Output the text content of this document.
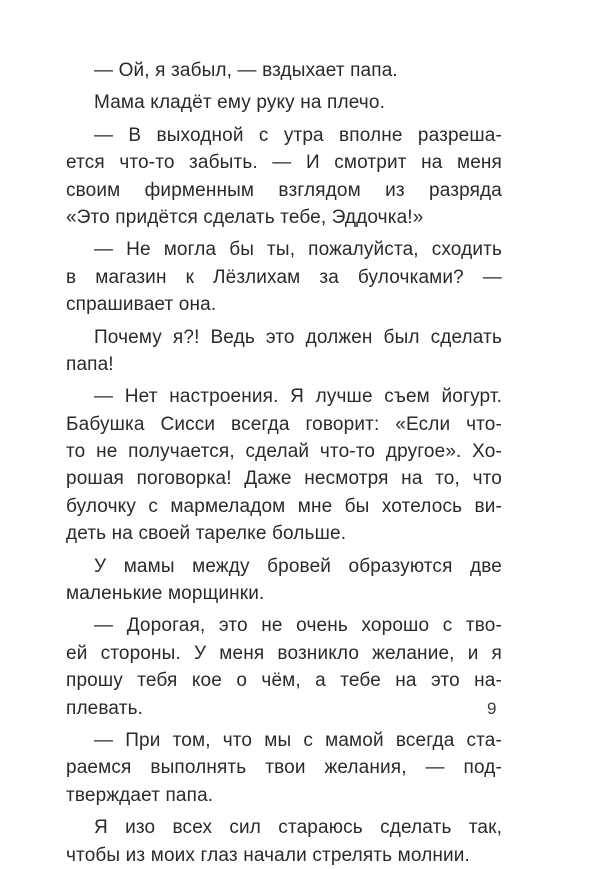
— Ой, я забыл, — вздыхает папа.
Мама кладёт ему руку на плечо.
— В выходной с утра вполне разреша-
ется что-то забыть. — И смотрит на меня
своим фирменным взглядом из разряда
«Это придётся сделать тебе, Эддочка!»
— Не могла бы ты, пожалуйста, сходить
в магазин к Лёзлихам за булочками? —
спрашивает она.
Почему я?! Ведь это должен был сделать
папа!
— Нет настроения. Я лучше съем йогурт.
Бабушка Сисси всегда говорит: «Если что-
то не получается, сделай что-то другое». Хо-
рошая поговорка! Даже несмотря на то, что
булочку с мармеладом мне бы хотелось ви-
деть на своей тарелке больше.
У мамы между бровей образуются две
маленькие морщинки.
— Дорогая, это не очень хорошо с тво-
ей стороны. У меня возникло желание, и я
прошу тебя кое о чём, а тебе на это на-
плевать.
— При том, что мы с мамой всегда ста-
раемся выполнять твои желания, — под-
тверждает папа.
Я изо всех сил стараюсь сделать так,
чтобы из моих глаз начали стрелять молнии.
9
